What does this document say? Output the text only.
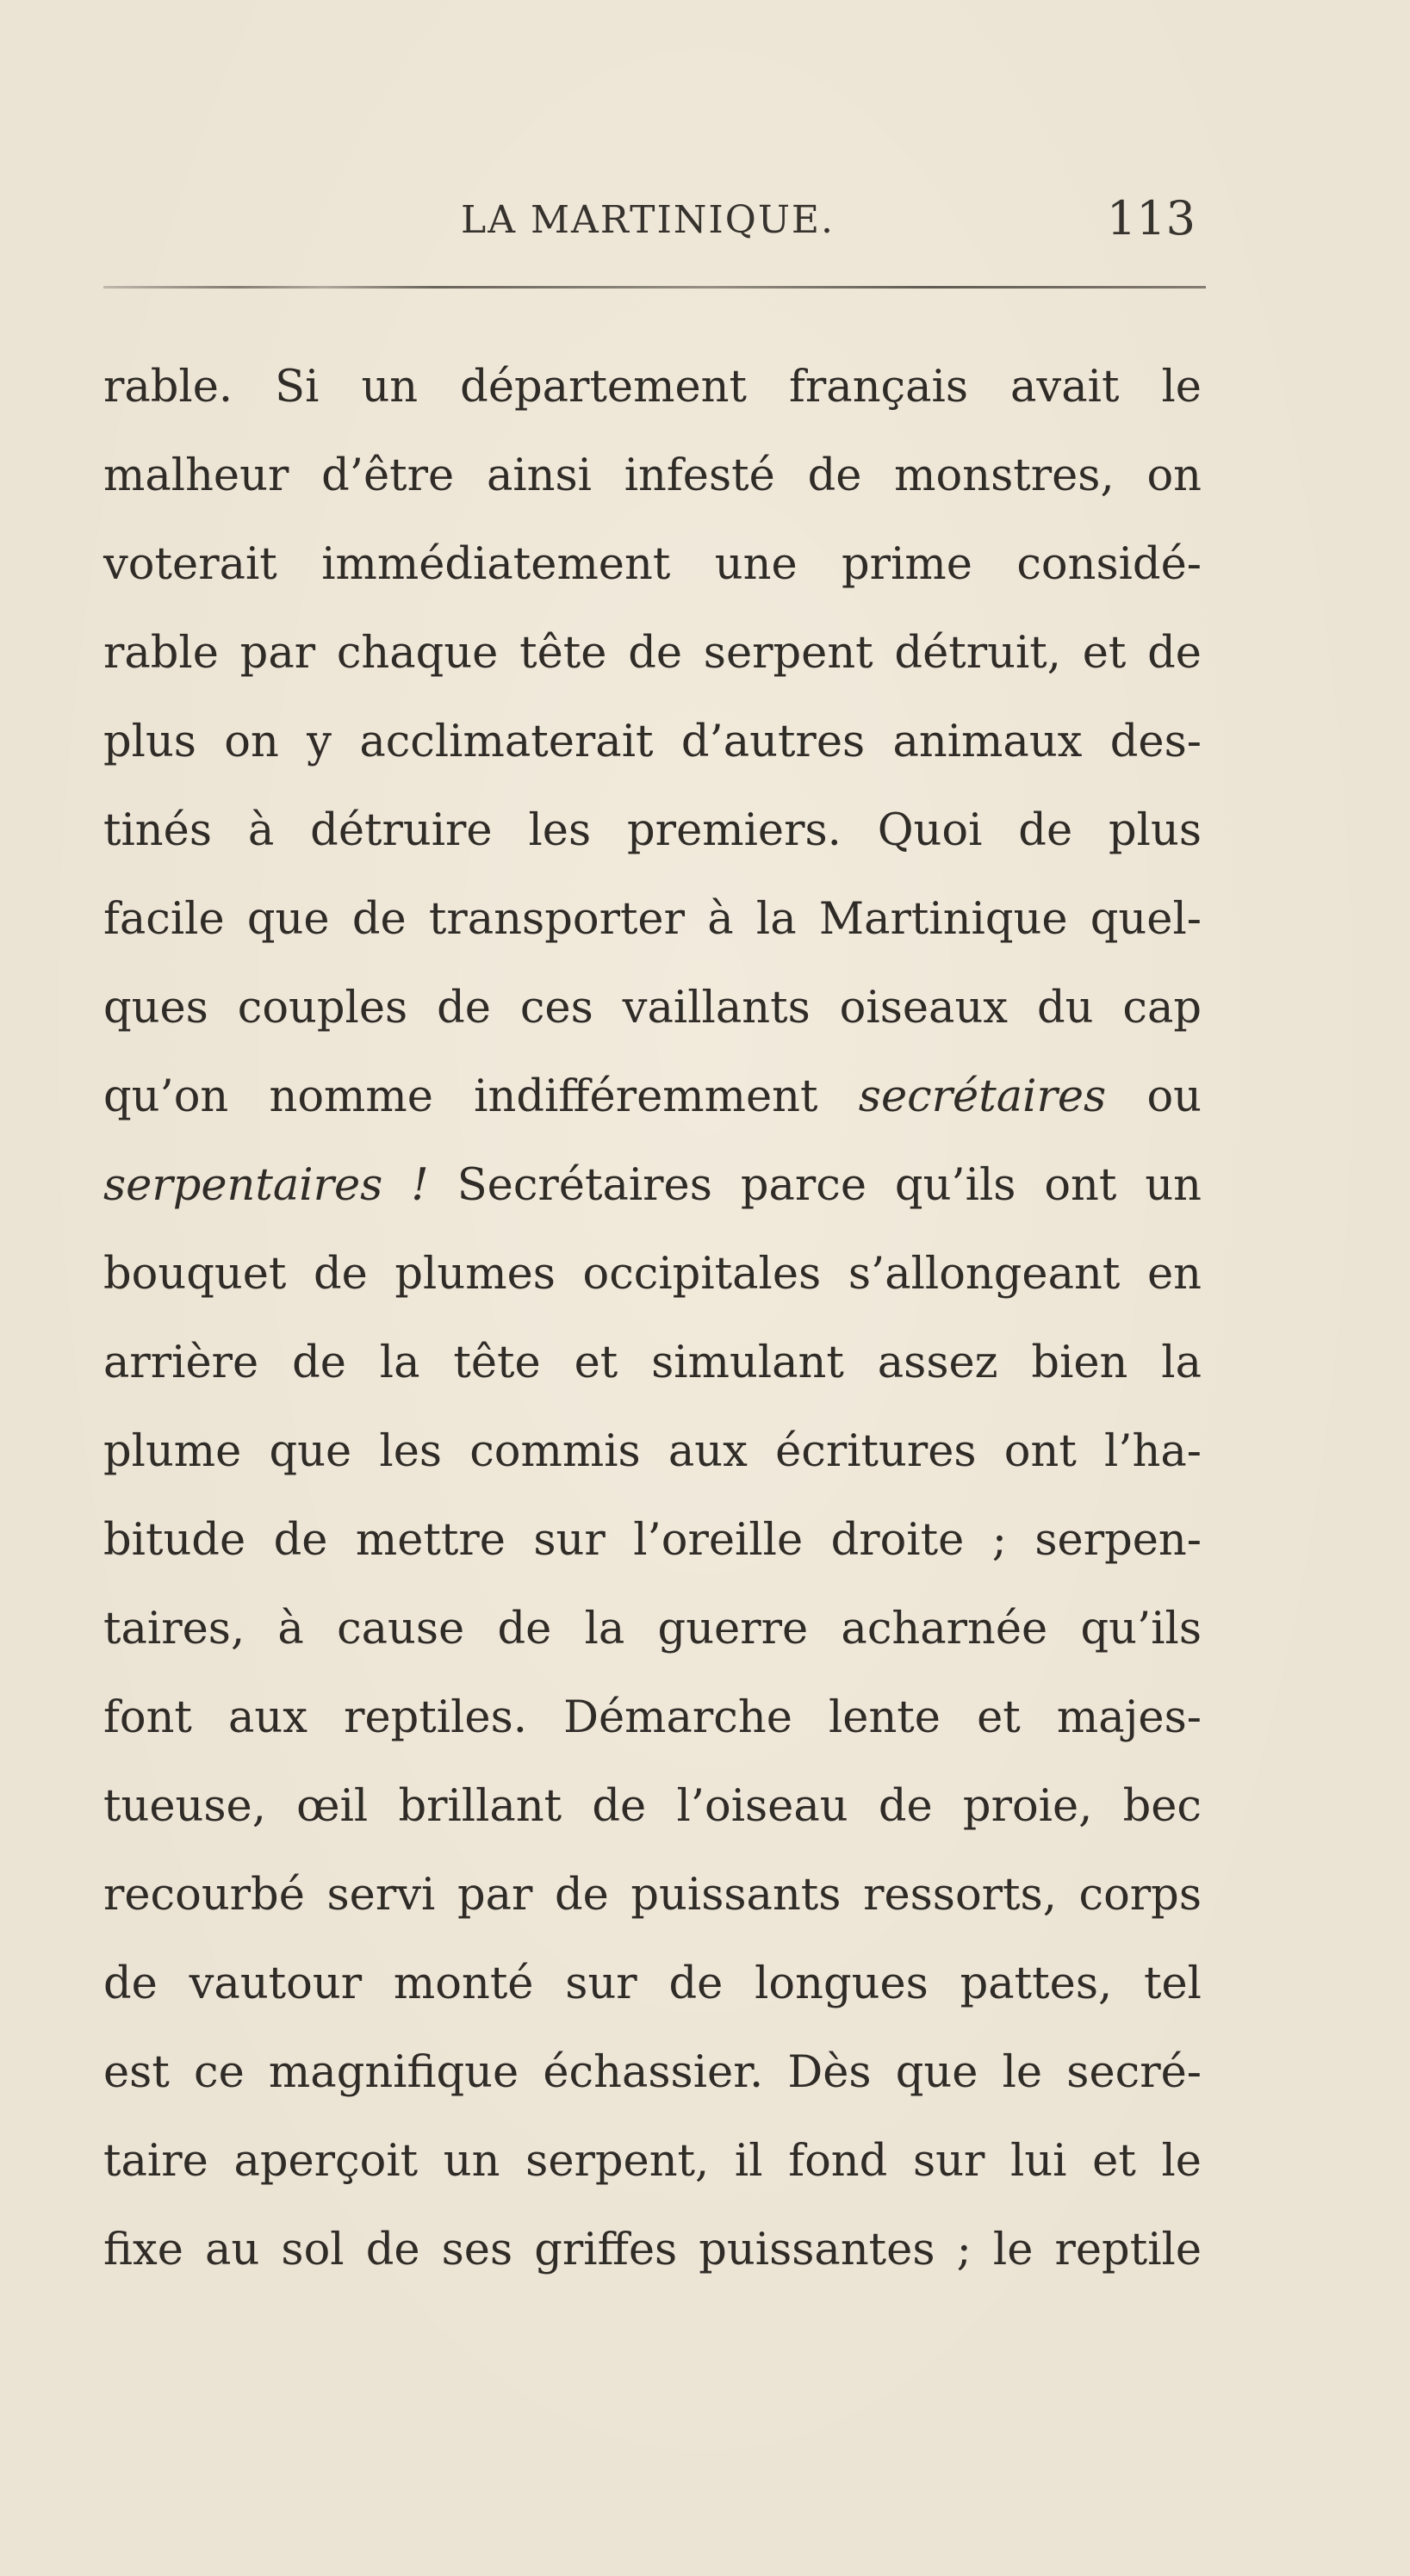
LA MARTINIQUE.	113
rable. Si un département français avait le
malheur d’être ainsi infesté de monstres, on
voterait immédiatement une prime considé-
rable par chaque tête de serpent détruit, et de
plus on y acclimaterait d’autres animaux des-
tinés à détruire les premiers. Quoi de plus
facile que de transporter à la Martinique quel-
ques couples de ces vaillants oiseaux du cap
qu’on nomme indifféremment secrétaires ou
serpentaires ! Secrétaires parce qu’ils ont un
bouquet de plumes occipitales s’allongeant en
arrière de la tête et simulant assez bien la
plume que les commis aux écritures ont l’ha-
bitude de mettre sur l’oreille droite ; serpen-
taires, à cause de la guerre acharnée qu’ils
font aux reptiles. Démarche lente et majes-
tueuse, œil brillant de l’oiseau de proie, bec
recourbé servi par de puissants ressorts, corps
de vautour monté sur de longues pattes, tel
est ce magnifique échassier. Dès que le secré-
taire aperçoit un serpent, il fond sur lui et le
fixe au sol de ses griffes puissantes ; le reptile
